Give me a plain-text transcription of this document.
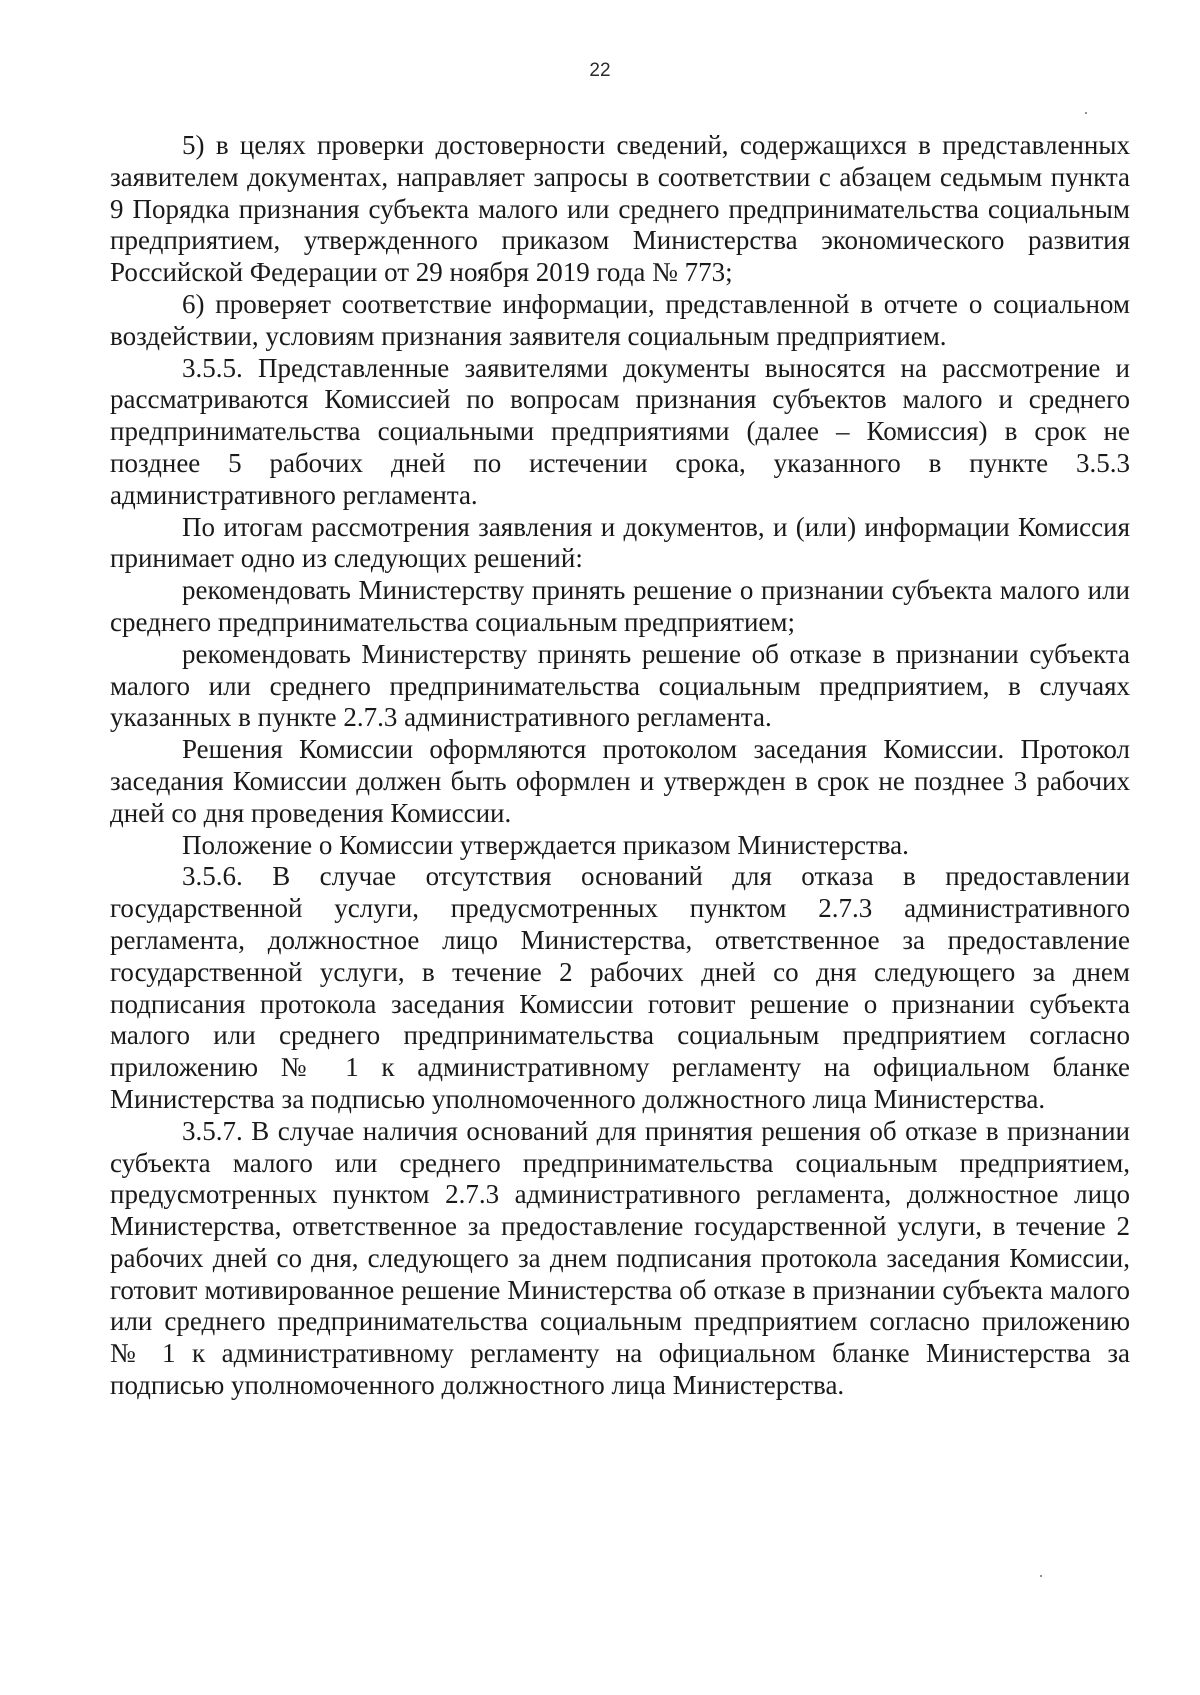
22

5) в целях проверки достоверности сведений, содержащихся в представленных заявителем документах, направляет запросы в соответствии с абзацем седьмым пункта 9 Порядка признания субъекта малого или среднего предпринимательства социальным предприятием, утвержденного приказом Министерства экономического развития Российской Федерации от 29 ноября 2019 года № 773;

6) проверяет соответствие информации, представленной в отчете о социальном воздействии, условиям признания заявителя социальным предприятием.

3.5.5. Представленные заявителями документы выносятся на рассмотрение и рассматриваются Комиссией по вопросам признания субъектов малого и среднего предпринимательства социальными предприятиями (далее – Комиссия) в срок не позднее 5 рабочих дней по истечении срока, указанного в пункте 3.5.3 административного регламента.

По итогам рассмотрения заявления и документов, и (или) информации Комиссия принимает одно из следующих решений:

рекомендовать Министерству принять решение о признании субъекта малого или среднего предпринимательства социальным предприятием;

рекомендовать Министерству принять решение об отказе в признании субъекта малого или среднего предпринимательства социальным предприятием, в случаях указанных в пункте 2.7.3 административного регламента.

Решения Комиссии оформляются протоколом заседания Комиссии. Протокол заседания Комиссии должен быть оформлен и утвержден в срок не позднее 3 рабочих дней со дня проведения Комиссии.

Положение о Комиссии утверждается приказом Министерства.

3.5.6. В случае отсутствия оснований для отказа в предоставлении государственной услуги, предусмотренных пунктом 2.7.3 административного регламента, должностное лицо Министерства, ответственное за предоставление государственной услуги, в течение 2 рабочих дней со дня следующего за днем подписания протокола заседания Комиссии готовит решение о признании субъекта малого или среднего предпринимательства социальным предприятием согласно приложению № 1 к административному регламенту на официальном бланке Министерства за подписью уполномоченного должностного лица Министерства.

3.5.7. В случае наличия оснований для принятия решения об отказе в признании субъекта малого или среднего предпринимательства социальным предприятием, предусмотренных пунктом 2.7.3 административного регламента, должностное лицо Министерства, ответственное за предоставление государственной услуги, в течение 2 рабочих дней со дня, следующего за днем подписания протокола заседания Комиссии, готовит мотивированное решение Министерства об отказе в признании субъекта малого или среднего предпринимательства социальным предприятием согласно приложению № 1 к административному регламенту на официальном бланке Министерства за подписью уполномоченного должностного лица Министерства.
